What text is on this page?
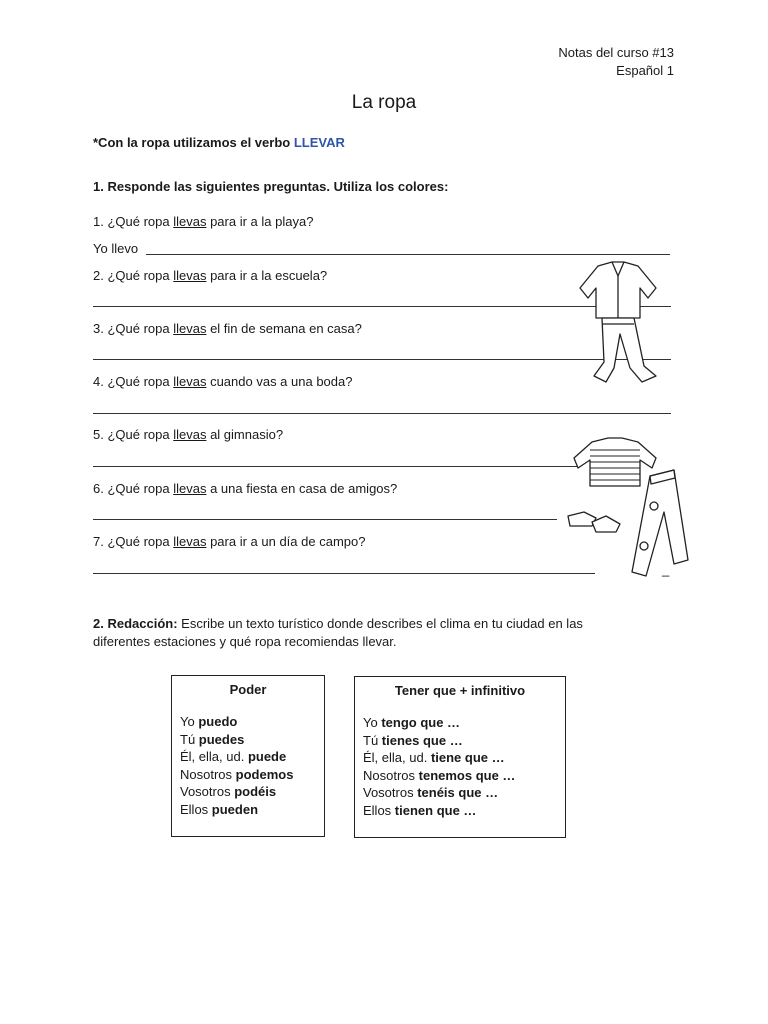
Notas del curso #13
Español 1
La ropa
*Con la ropa utilizamos el verbo LLEVAR
1. Responde las siguientes preguntas. Utiliza los colores:
1. ¿Qué ropa llevas para ir a la playa?
Yo llevo
2. ¿Qué ropa llevas para ir a la escuela?
3. ¿Qué ropa llevas el fin de semana en casa?
4. ¿Qué ropa llevas cuando vas a una boda?
5. ¿Qué ropa llevas al gimnasio?
6. ¿Qué ropa llevas a una fiesta en casa de amigos?
7. ¿Qué ropa llevas para ir a un día de campo?
_
2. Redacción: Escribe un texto turístico donde describes el clima en tu ciudad en las
diferentes estaciones y qué ropa recomiendas llevar.
Poder
Yo puedo
Tú puedes
Él, ella, ud. puede
Nosotros podemos
Vosotros podéis
Ellos pueden
Tener que + infinitivo
Yo tengo que …
Tú tienes que …
Él, ella, ud. tiene que …
Nosotros tenemos que …
Vosotros tenéis que …
Ellos tienen que …
